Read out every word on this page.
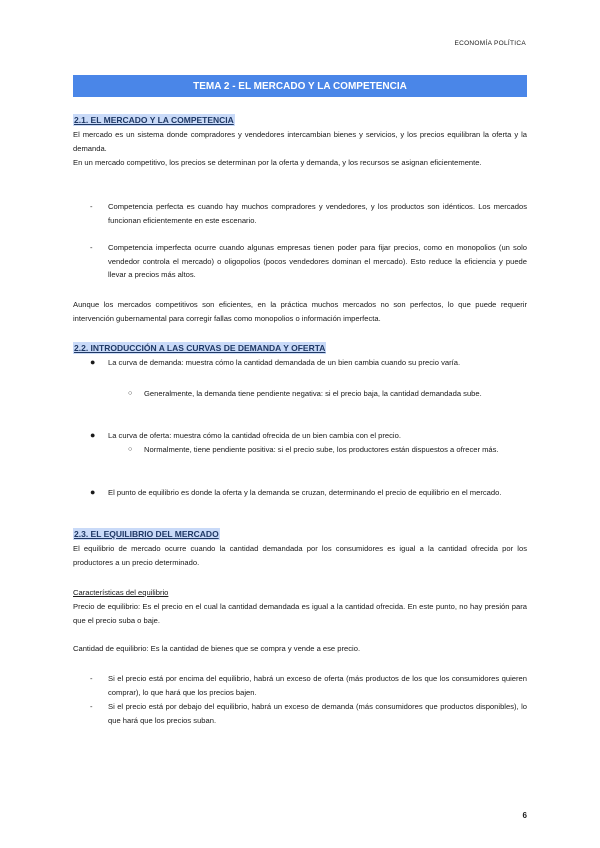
ECONOMÍA POLÍTICA
TEMA 2 - EL MERCADO Y LA COMPETENCIA
2.1. EL MERCADO Y LA COMPETENCIA
El mercado es un sistema donde compradores y vendedores intercambian bienes y servicios, y los precios equilibran la oferta y la demanda.
En un mercado competitivo, los precios se determinan por la oferta y demanda, y los recursos se asignan eficientemente.
- Competencia perfecta es cuando hay muchos compradores y vendedores, y los productos son idénticos. Los mercados funcionan eficientemente en este escenario.
- Competencia imperfecta ocurre cuando algunas empresas tienen poder para fijar precios, como en monopolios (un solo vendedor controla el mercado) o oligopolios (pocos vendedores dominan el mercado). Esto reduce la eficiencia y puede llevar a precios más altos.
Aunque los mercados competitivos son eficientes, en la práctica muchos mercados no son perfectos, lo que puede requerir intervención gubernamental para corregir fallas como monopolios o información imperfecta.
2.2. INTRODUCCIÓN A LAS CURVAS DE DEMANDA Y OFERTA
● La curva de demanda: muestra cómo la cantidad demandada de un bien cambia cuando su precio varía.
○ Generalmente, la demanda tiene pendiente negativa: si el precio baja, la cantidad demandada sube.
● La curva de oferta: muestra cómo la cantidad ofrecida de un bien cambia con el precio.
○ Normalmente, tiene pendiente positiva: si el precio sube, los productores están dispuestos a ofrecer más.
● El punto de equilibrio es donde la oferta y la demanda se cruzan, determinando el precio de equilibrio en el mercado.
2.3. EL EQUILIBRIO DEL MERCADO
El equilibrio de mercado ocurre cuando la cantidad demandada por los consumidores es igual a la cantidad ofrecida por los productores a un precio determinado.
Características del equilibrio
Precio de equilibrio: Es el precio en el cual la cantidad demandada es igual a la cantidad ofrecida. En este punto, no hay presión para que el precio suba o baje.
Cantidad de equilibrio: Es la cantidad de bienes que se compra y vende a ese precio.
- Si el precio está por encima del equilibrio, habrá un exceso de oferta (más productos de los que los consumidores quieren comprar), lo que hará que los precios bajen.
- Si el precio está por debajo del equilibrio, habrá un exceso de demanda (más consumidores que productos disponibles), lo que hará que los precios suban.
6
